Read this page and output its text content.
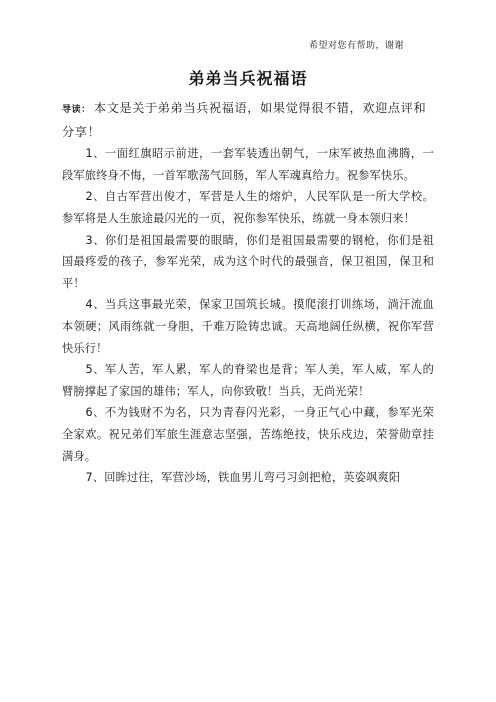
希望对您有帮助，谢谢
弟弟当兵祝福语

导读： 本文是关于弟弟当兵祝福语，如果觉得很不错，欢迎点评和分享！

1、一面红旗昭示前进，一套军装透出朝气，一床军被热血沸腾，一段军旅终身不悔，一首军歌荡气回肠，军人军魂真给力。祝参军快乐。

2、自古军营出俊才，军营是人生的熔炉，人民军队是一所大学校。参军将是人生旅途最闪光的一页，祝你参军快乐，练就一身本领归来！

3、你们是祖国最需要的眼睛，你们是祖国最需要的钢枪，你们是祖国最疼爱的孩子，参军光荣，成为这个时代的最强音，保卫祖国，保卫和平！

4、当兵这事最光荣，保家卫国筑长城。摸爬滚打训练场，淌汗流血本领硬；风雨练就一身胆，千难万险铸忠诚。天高地阔任纵横，祝你军营快乐行！

5、军人苦，军人累，军人的脊梁也是背；军人美，军人威，军人的臂膀撑起了家国的雄伟；军人，向你致敬！当兵，无尚光荣！

6、不为钱财不为名，只为青春闪光彩，一身正气心中藏，参军光荣全家欢。祝兄弟们军旅生涯意志坚强，苦练绝技，快乐戍边，荣誉勋章挂满身。

7、回眸过往，军营沙场，铁血男儿弯弓习剑把枪，英姿飒爽阳
